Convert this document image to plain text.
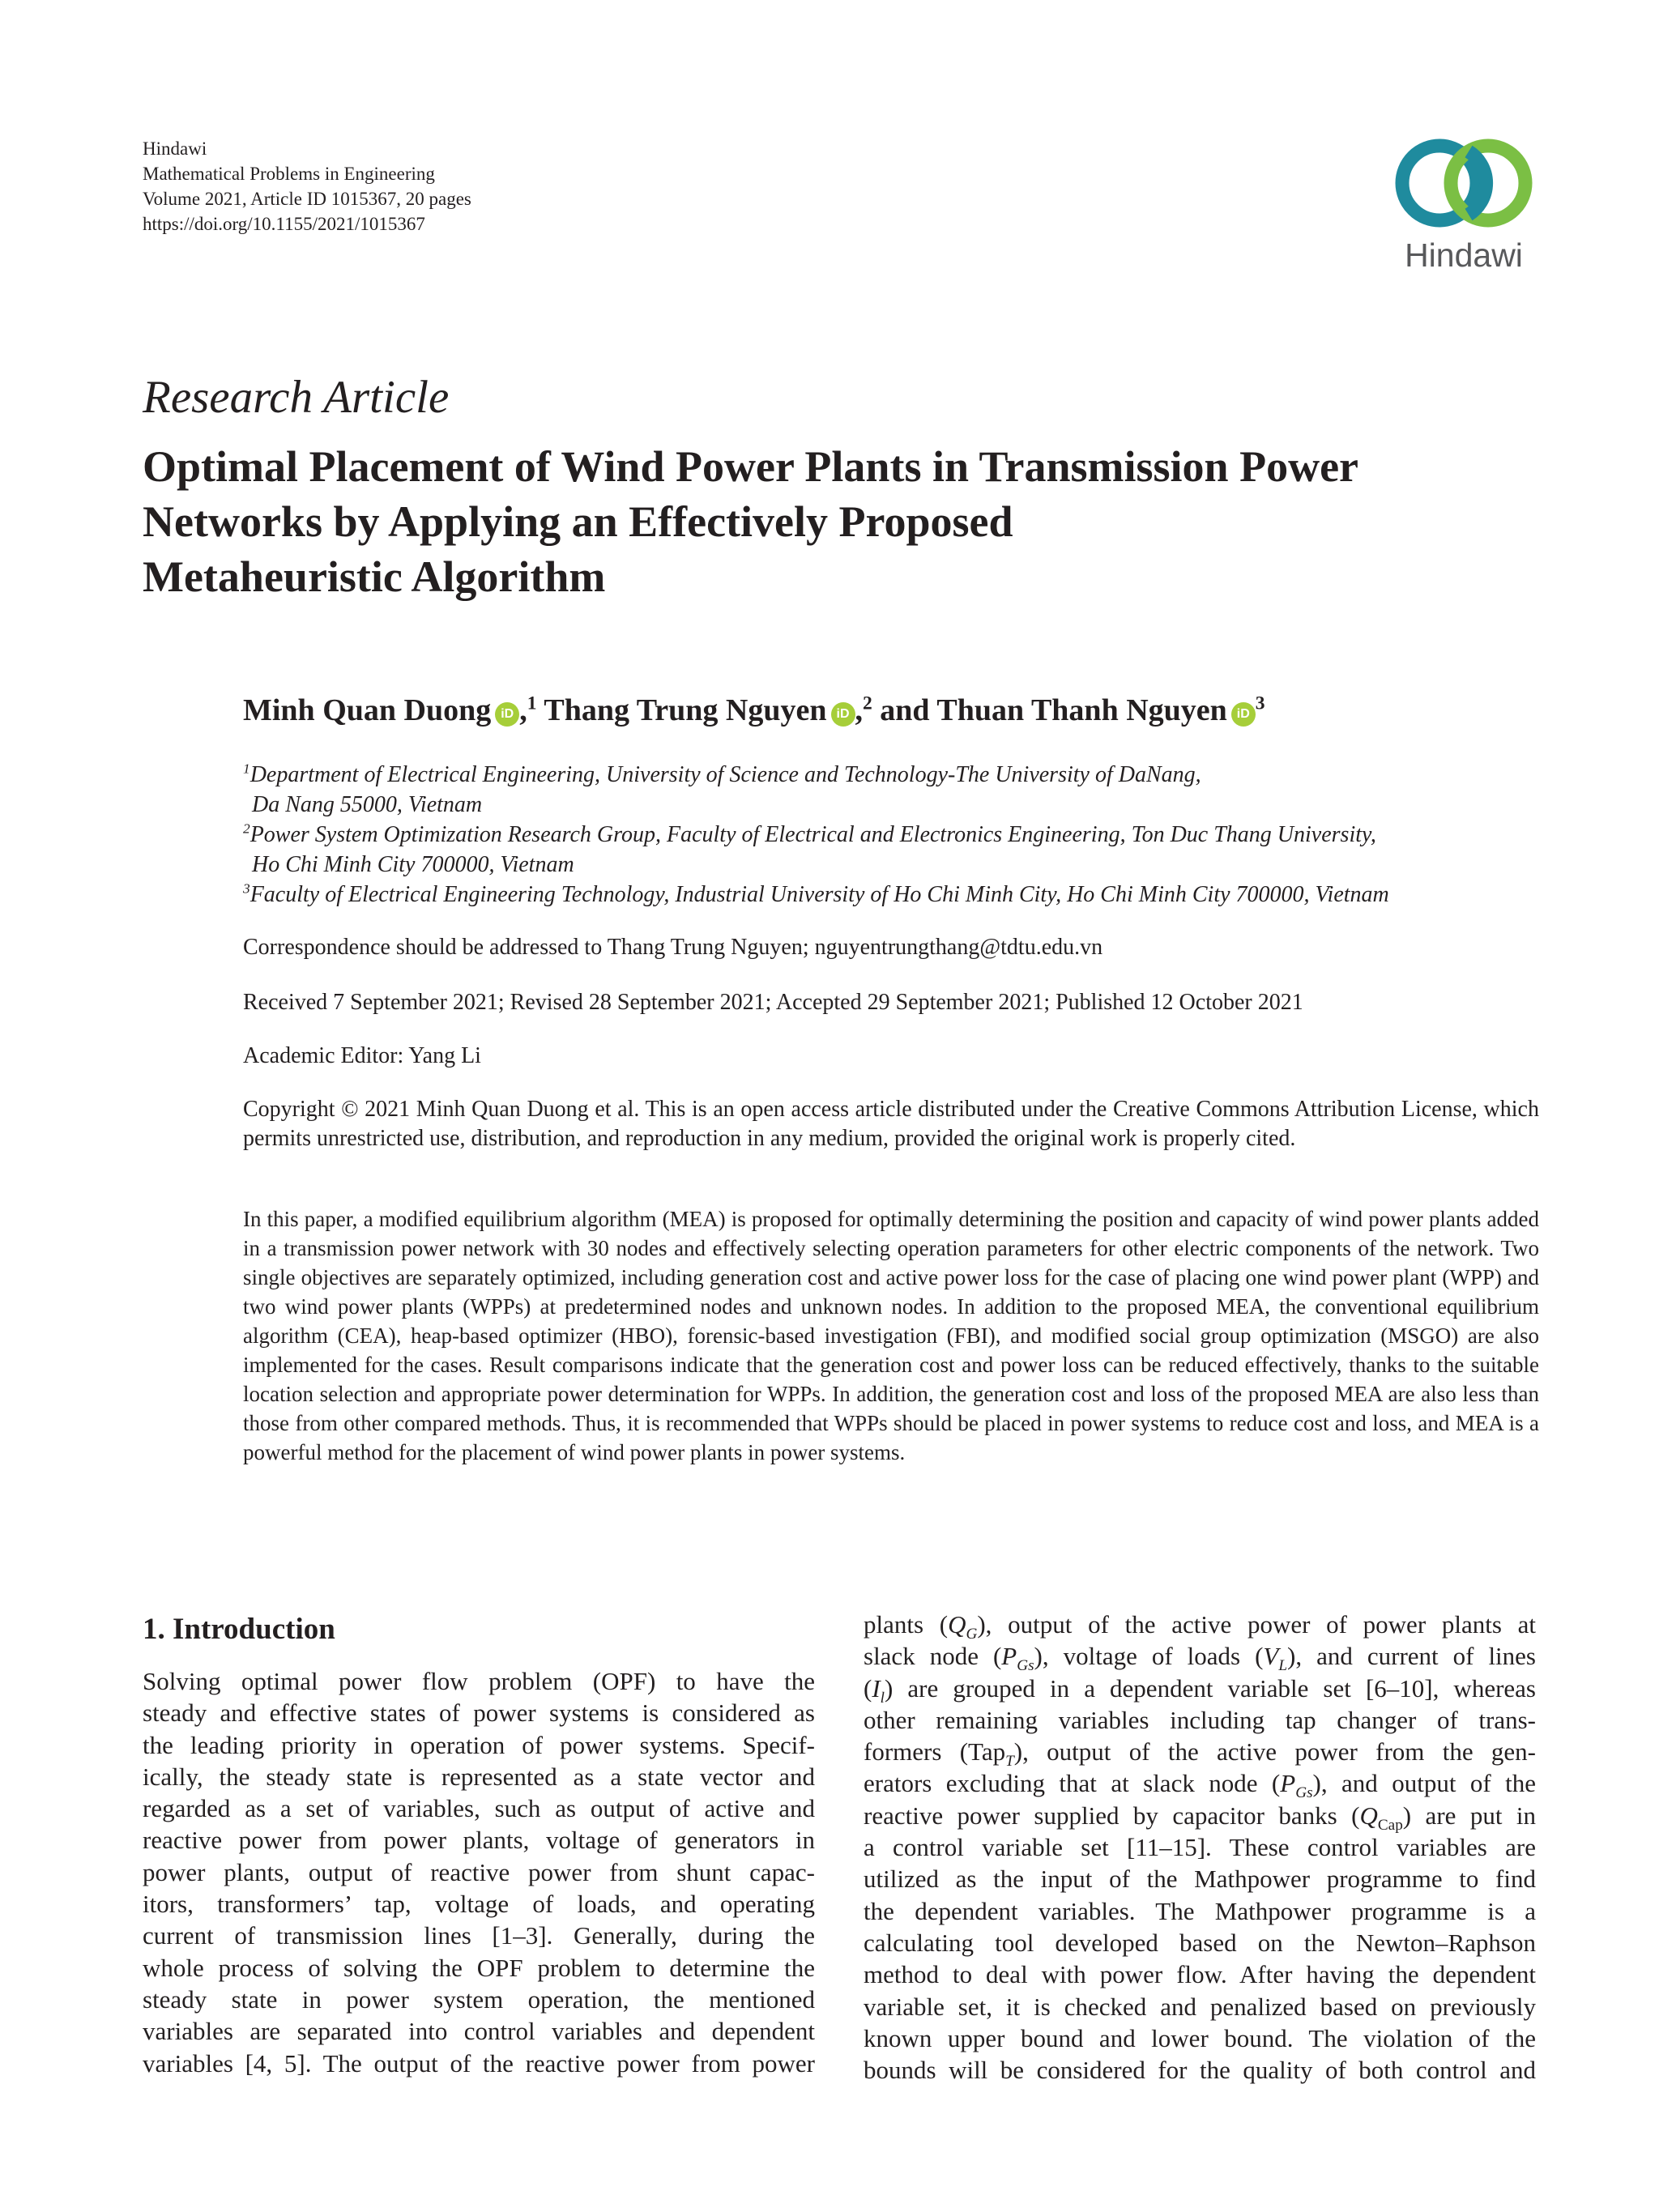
Hindawi
Mathematical Problems in Engineering
Volume 2021, Article ID 1015367, 20 pages
https://doi.org/10.1155/2021/1015367
Hindawi
Research Article
Optimal Placement of Wind Power Plants in Transmission Power
Networks by Applying an Effectively Proposed
Metaheuristic Algorithm
Minh Quan Duong iD ,$^1$ Thang Trung Nguyen iD ,$^2$ and Thuan Thanh Nguyen $iD^3$
$^1$Department of Electrical Engineering, University of Science and Technology-The University of DaNang,
Da Nang 55000, Vietnam
$^2$Power System Optimization Research Group, Faculty of Electrical and Electronics Engineering, Ton Duc Thang University,
Ho Chi Minh City 700000, Vietnam
$^3$Faculty of Electrical Engineering Technology, Industrial University of Ho Chi Minh City, Ho Chi Minh City 700000, Vietnam
Correspondence should be addressed to Thang Trung Nguyen; nguyentrungthang@tdtu.edu.vn
Received 7 September 2021; Revised 28 September 2021; Accepted 29 September 2021; Published 12 October 2021
Academic Editor: Yang Li
Copyright © 2021 Minh Quan Duong et al. This is an open access article distributed under the Creative Commons Attribution License, which permits unrestricted use, distribution, and reproduction in any medium, provided the original work is properly cited.
In this paper, a modified equilibrium algorithm (MEA) is proposed for optimally determining the position and capacity of wind power plants added in a transmission power network with 30 nodes and effectively selecting operation parameters for other electric components of the network. Two single objectives are separately optimized, including generation cost and active power loss for the case of placing one wind power plant (WPP) and two wind power plants (WPPs) at predetermined nodes and unknown nodes. In addition to the proposed MEA, the conventional equilibrium algorithm (CEA), heap-based optimizer (HBO), forensic-based investigation (FBI), and modified social group optimization (MSGO) are also implemented for the cases. Result comparisons indicate that the generation cost and power loss can be reduced effectively, thanks to the suitable location selection and appropriate power determination for WPPs. In addition, the generation cost and loss of the proposed MEA are also less than those from other compared methods. Thus, it is recommended that WPPs should be placed in power systems to reduce cost and loss, and MEA is a powerful method for the placement of wind power plants in power systems.
1. Introduction
Solving optimal power flow problem (OPF) to have the
steady and effective states of power systems is considered as
the leading priority in operation of power systems. Specif-
ically, the steady state is represented as a state vector and
regarded as a set of variables, such as output of active and
reactive power from power plants, voltage of generators in
power plants, output of reactive power from shunt capac-
itors, transformers’ tap, voltage of loads, and operating
current of transmission lines [1–3]. Generally, during the
whole process of solving the OPF problem to determine the
steady state in power system operation, the mentioned
variables are separated into control variables and dependent
variables [4, 5]. The output of the reactive power from power
plants $(Q_G)$, output of the active power of power plants at
slack node $(P_{Gs})$, voltage of loads $(V_L)$, and current of lines
$(I_l)$ are grouped in a dependent variable set [6–10], whereas
other remaining variables including tap changer of trans-
formers (Tap$_T$), output of the active power from the gen-
erators excluding that at slack node $(P_{Gs})$, and output of the
reactive power supplied by capacitor banks $(Q_{Cap})$ are put in
a control variable set [11–15]. These control variables are
utilized as the input of the Mathpower programme to find
the dependent variables. The Mathpower programme is a
calculating tool developed based on the Newton–Raphson
method to deal with power flow. After having the dependent
variable set, it is checked and penalized based on previously
known upper bound and lower bound. The violation of the
bounds will be considered for the quality of both control and
